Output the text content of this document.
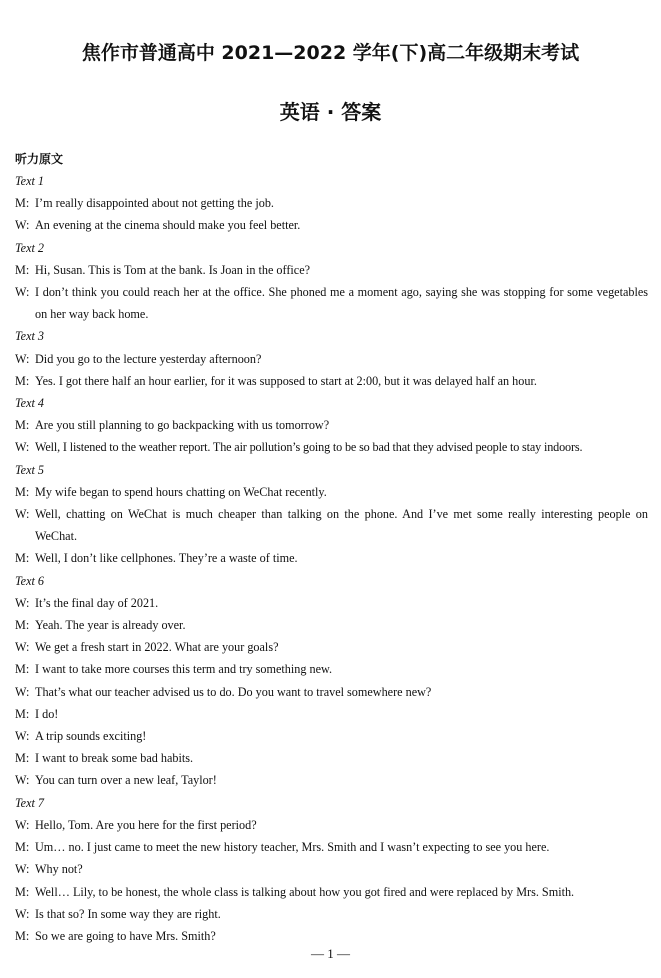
焦作市普通高中 2021—2022 学年(下)高二年级期末考试
英语 · 答案
听力原文
Text 1
M: I’m really disappointed about not getting the job.
W: An evening at the cinema should make you feel better.
Text 2
M: Hi, Susan. This is Tom at the bank. Is Joan in the office?
W: I don’t think you could reach her at the office. She phoned me a moment ago, saying she was stopping for some vegetables on her way back home.
Text 3
W: Did you go to the lecture yesterday afternoon?
M: Yes. I got there half an hour earlier, for it was supposed to start at 2:00, but it was delayed half an hour.
Text 4
M: Are you still planning to go backpacking with us tomorrow?
W: Well, I listened to the weather report. The air pollution’s going to be so bad that they advised people to stay indoors.
Text 5
M: My wife began to spend hours chatting on WeChat recently.
W: Well, chatting on WeChat is much cheaper than talking on the phone. And I’ve met some really interesting people on WeChat.
M: Well, I don’t like cellphones. They’re a waste of time.
Text 6
W: It’s the final day of 2021.
M: Yeah. The year is already over.
W: We get a fresh start in 2022. What are your goals?
M: I want to take more courses this term and try something new.
W: That’s what our teacher advised us to do. Do you want to travel somewhere new?
M: I do!
W: A trip sounds exciting!
M: I want to break some bad habits.
W: You can turn over a new leaf, Taylor!
Text 7
W: Hello, Tom. Are you here for the first period?
M: Um… no. I just came to meet the new history teacher, Mrs. Smith and I wasn’t expecting to see you here.
W: Why not?
M: Well… Lily, to be honest, the whole class is talking about how you got fired and were replaced by Mrs. Smith.
W: Is that so? In some way they are right.
M: So we are going to have Mrs. Smith?
— 1 —
